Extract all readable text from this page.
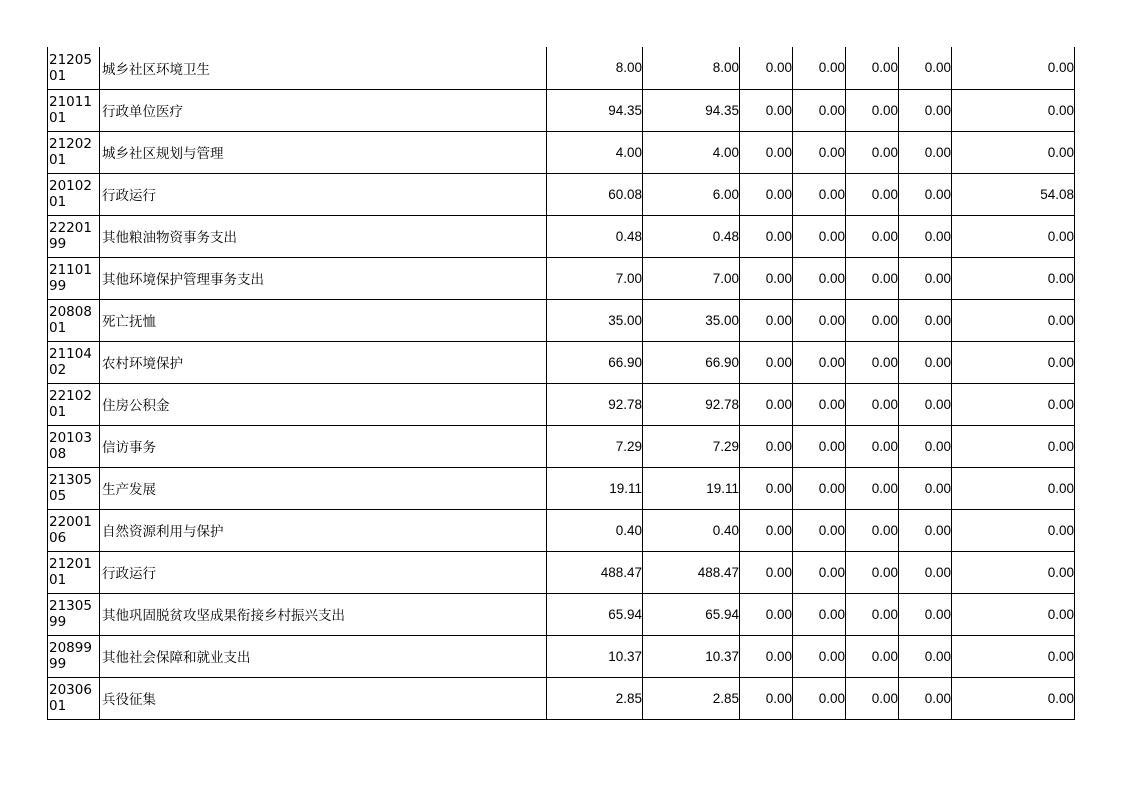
2120501	城乡社区环境卫生	8.00	8.00	0.00	0.00	0.00	0.00	0.00
2101101	行政单位医疗	94.35	94.35	0.00	0.00	0.00	0.00	0.00
2120201	城乡社区规划与管理	4.00	4.00	0.00	0.00	0.00	0.00	0.00
2010201	行政运行	60.08	6.00	0.00	0.00	0.00	0.00	54.08
2220199	其他粮油物资事务支出	0.48	0.48	0.00	0.00	0.00	0.00	0.00
2110199	其他环境保护管理事务支出	7.00	7.00	0.00	0.00	0.00	0.00	0.00
2080801	死亡抚恤	35.00	35.00	0.00	0.00	0.00	0.00	0.00
2110402	农村环境保护	66.90	66.90	0.00	0.00	0.00	0.00	0.00
2210201	住房公积金	92.78	92.78	0.00	0.00	0.00	0.00	0.00
2010308	信访事务	7.29	7.29	0.00	0.00	0.00	0.00	0.00
2130505	生产发展	19.11	19.11	0.00	0.00	0.00	0.00	0.00
2200106	自然资源利用与保护	0.40	0.40	0.00	0.00	0.00	0.00	0.00
2120101	行政运行	488.47	488.47	0.00	0.00	0.00	0.00	0.00
2130599	其他巩固脱贫攻坚成果衔接乡村振兴支出	65.94	65.94	0.00	0.00	0.00	0.00	0.00
2089999	其他社会保障和就业支出	10.37	10.37	0.00	0.00	0.00	0.00	0.00
2030601	兵役征集	2.85	2.85	0.00	0.00	0.00	0.00	0.00
